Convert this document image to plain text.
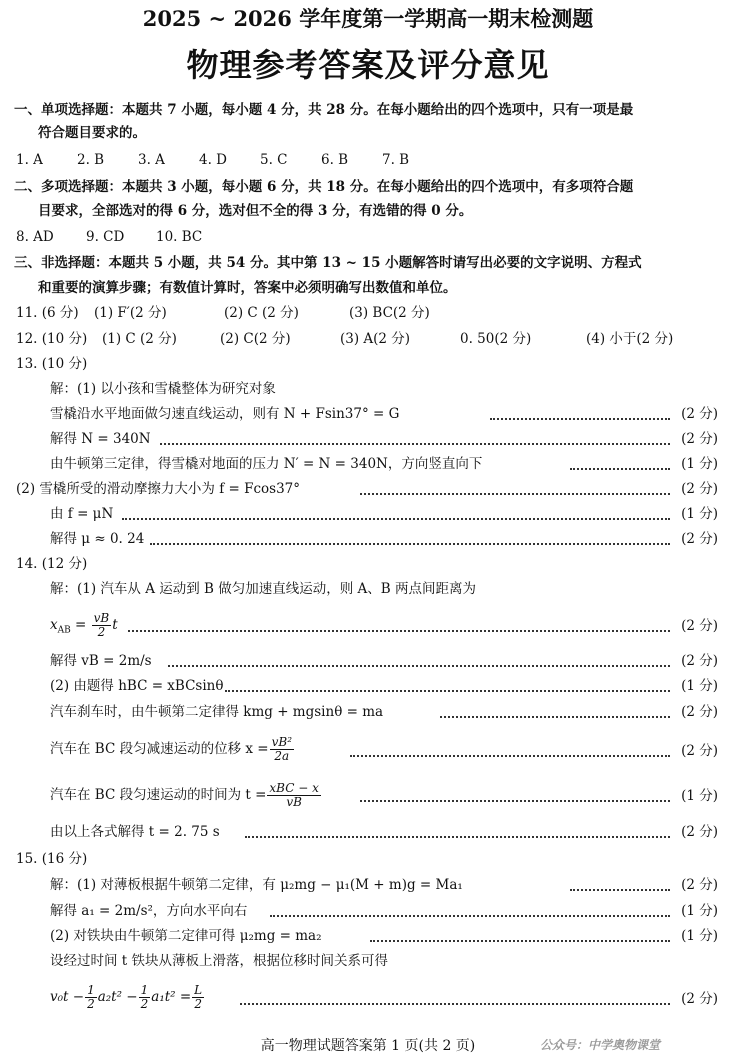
2025 ~ 2026 学年度第一学期高一期末检测题
物理参考答案及评分意见
一、单项选择题：本题共 7 小题，每小题 4 分，共 28 分。在每小题给出的四个选项中，只有一项是最
符合题目要求的。
1. A	2. B	3. A	4. D 5. C 6. B	7. B
二、多项选择题：本题共 3 小题，每小题 6 分，共 18 分。在每小题给出的四个选项中，有多项符合题
目要求，全部选对的得 6 分，选对但不全的得 3 分，有选错的得 0 分。
8. AD 9. CD 10. BC
三、非选择题：本题共 5 小题，共 54 分。其中第 13 ~ 15 小题解答时请写出必要的文字说明、方程式
和重要的演算步骤；有数值计算时，答案中必须明确写出数值和单位。
11. (6 分) (1) F′(2 分)	(2) C (2 分)	(3) BC(2 分)
12. (10 分) (1) C (2 分)	(2) C(2 分)	(3) A(2 分)	0. 50(2 分)	(4) 小于(2 分)
13. (10 分)
解：(1) 以小孩和雪橇整体为研究对象
雪橇沿水平地面做匀速直线运动，则有 N + Fsin37° = G	(2 分)
解得 N = 340N	(2 分)
由牛顿第三定律，得雪橇对地面的压力 N′ = N = 340N，方向竖直向下	(1 分)
(2) 雪橇所受的滑动摩擦力大小为 f = Fcos37°	(2 分)
由 f = μN	(1 分)
解得 μ ≈ 0. 24	(2 分)
14. (12 分)
解：(1) 汽车从 A 运动到 B 做匀加速直线运动，则 A、B 两点间距离为
$x_{AB} = \frac{vB}{2}$ t	(2 分)
解得 vB = 2m/s	(2 分)
(2) 由题得 hBC = xBCsinθ	(1 分)
汽车刹车时，由牛顿第二定律得 kmg + mgsinθ = ma	(2 分)
汽车在 BC 段匀减速运动的位移 $x = \frac{\text{vB²}}{2a}$	(2 分)
汽车在 BC 段匀速运动的时间为 $t = \frac{\text{xBC − x}}{vB}$	(1 分)
由以上各式解得 t = 2. 75 s	(2 分)
15. (16 分)
解：(1) 对薄板根据牛顿第二定律，有 μ₂mg − μ₁(M + m)g = Ma₁	(2 分)
解得 a₁ = 2m/s²，方向水平向右	(1 分)
(2) 对铁块由牛顿第二定律可得 μ₂mg = ma₂	(1 分)
设经过时间 t 铁块从薄板上滑落，根据位移时间关系可得
$v_0t - \frac{1}{2} a_2t^2 - \frac{1}{2} a_1t^2 = \frac{L}{2}$	(2 分)
高一物理试题答案第 1 页(共 2 页)	公众号：中学奥物课堂
